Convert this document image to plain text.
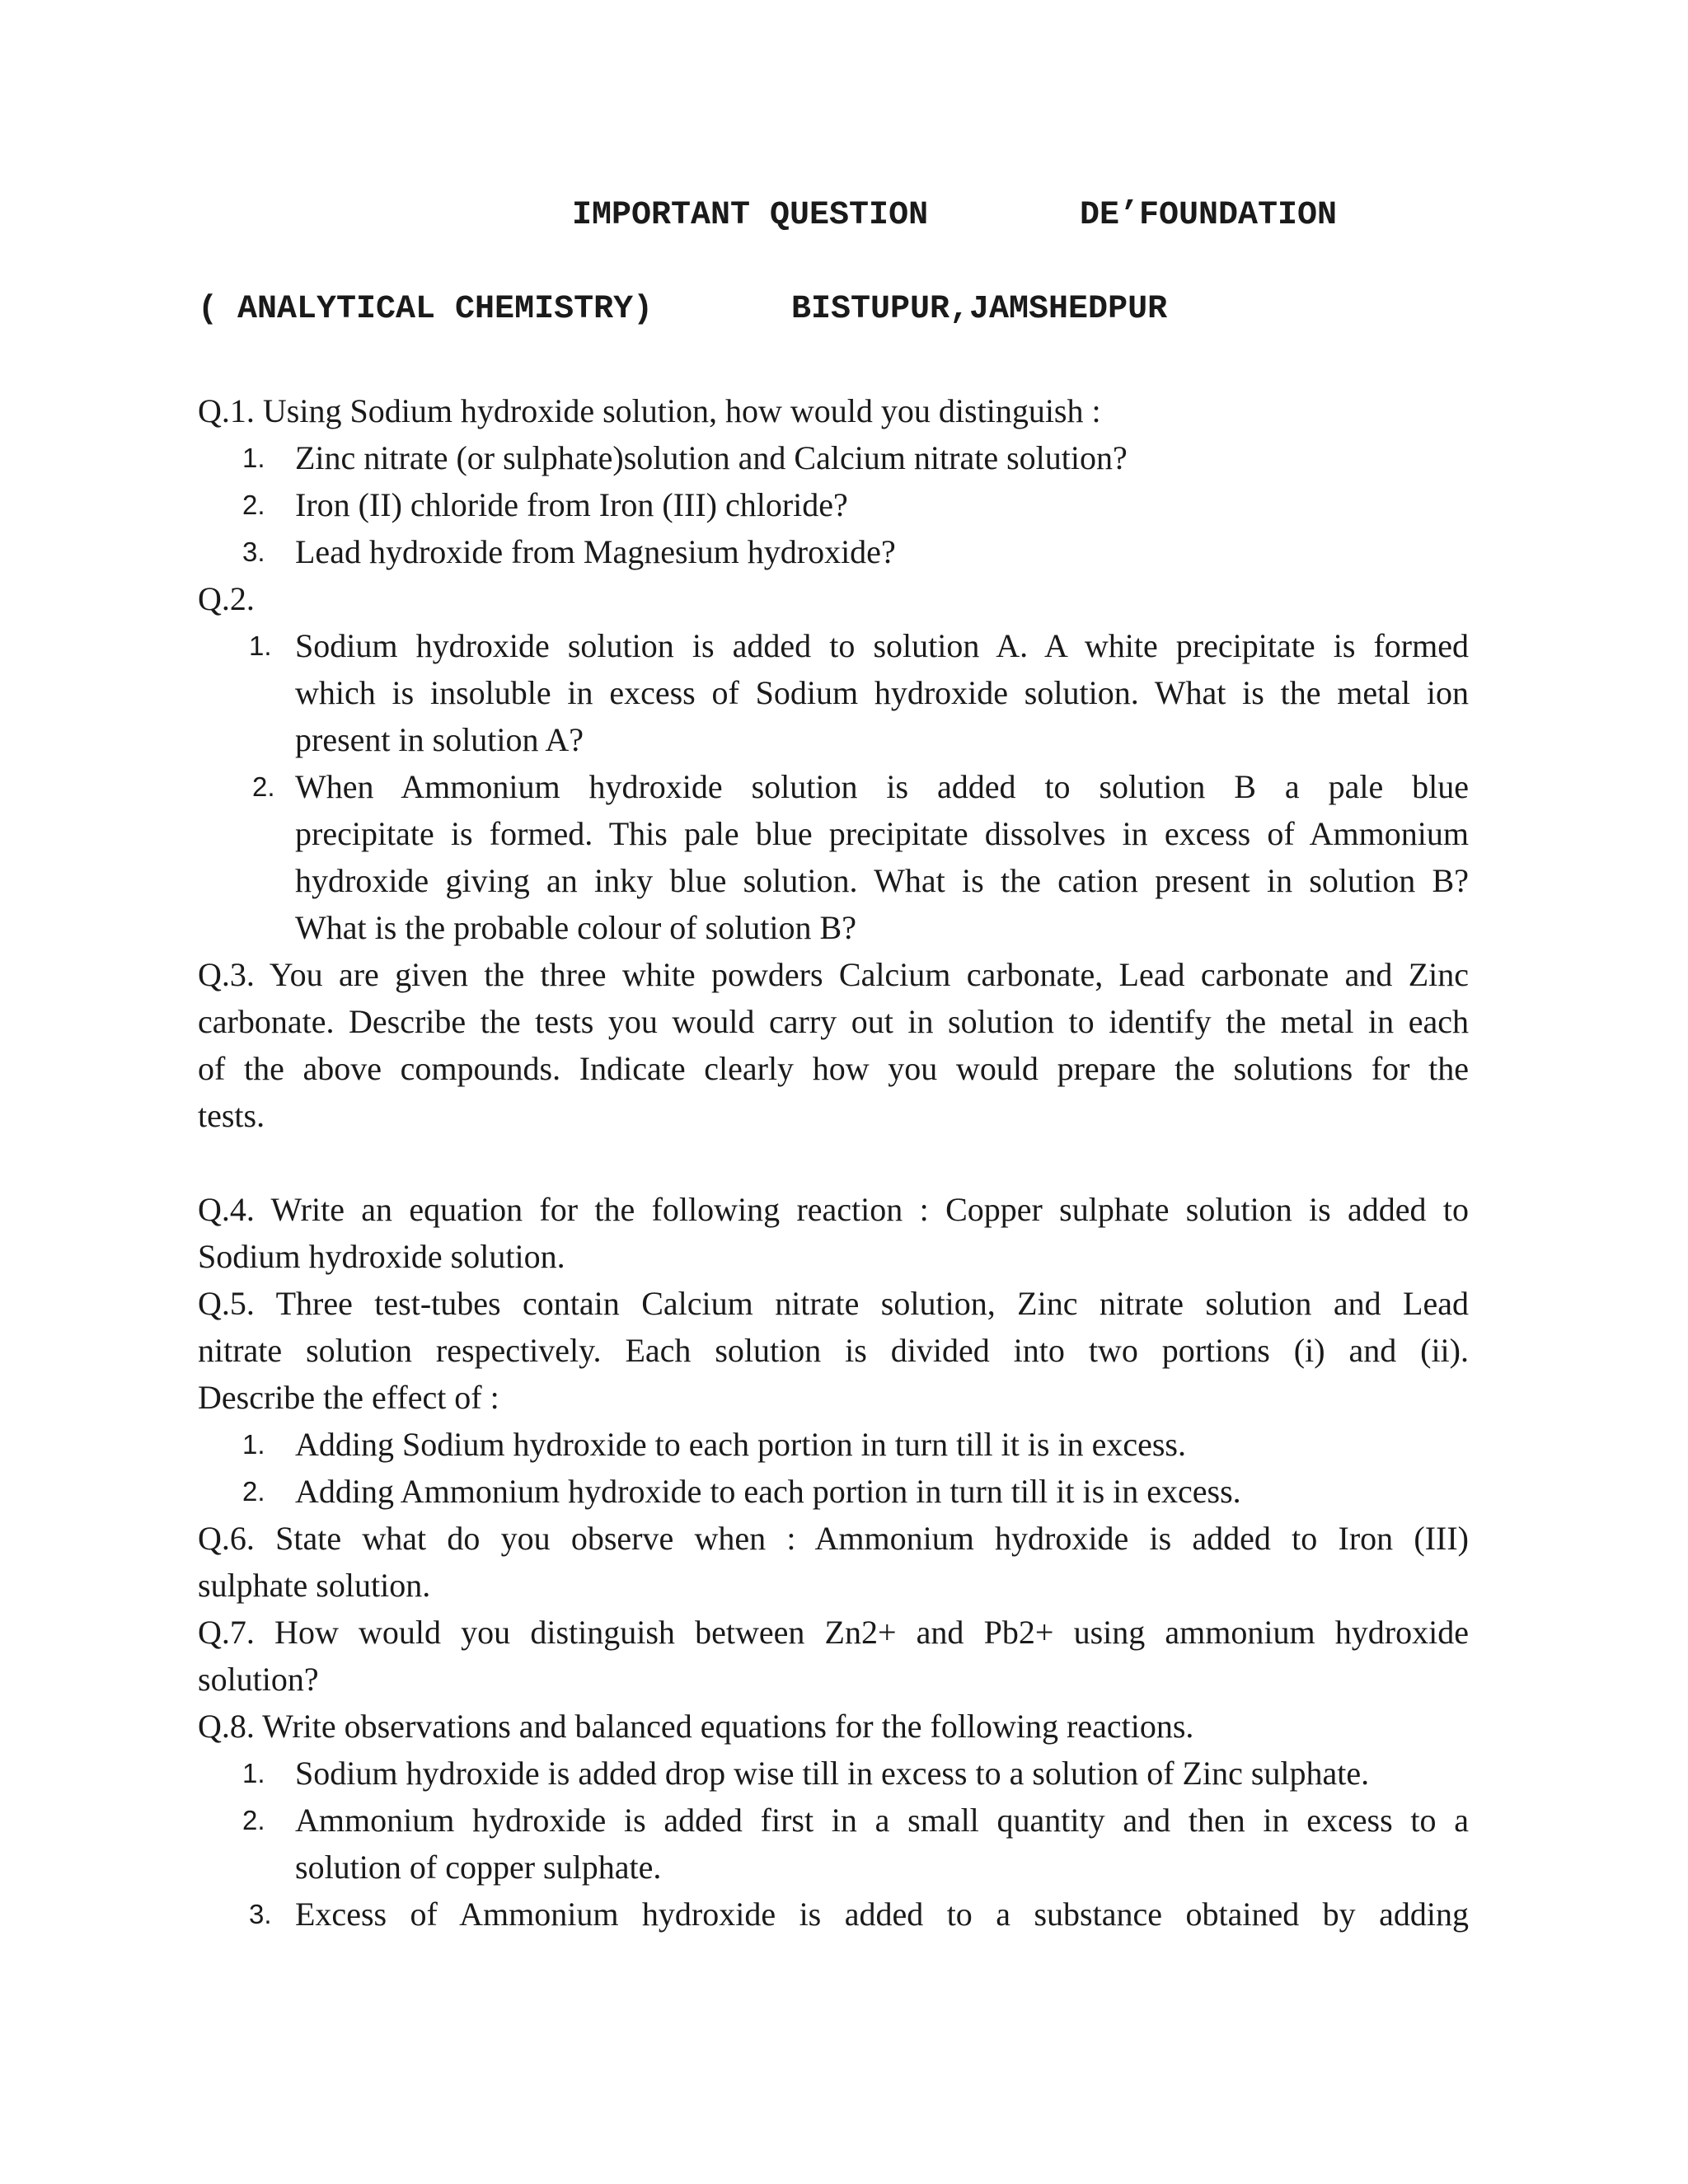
IMPORTANT QUESTION	DE’FOUNDATION
( ANALYTICAL CHEMISTRY)	BISTUPUR,JAMSHEDPUR
Q.1. Using Sodium hydroxide solution, how would you distinguish :
1. Zinc nitrate (or sulphate)solution and Calcium nitrate solution?
2. Iron (II) chloride from Iron (III) chloride?
3. Lead hydroxide from Magnesium hydroxide?
Q.2.
1. Sodium hydroxide solution is added to solution A. A white precipitate is formed
which is insoluble in excess of Sodium hydroxide solution. What is the metal ion
present in solution A?
2. When Ammonium hydroxide solution is added to solution B a pale blue
precipitate is formed. This pale blue precipitate dissolves in excess of Ammonium
hydroxide giving an inky blue solution. What is the cation present in solution B?
What is the probable colour of solution B?
Q.3. You are given the three white powders Calcium carbonate, Lead carbonate and Zinc
carbonate. Describe the tests you would carry out in solution to identify the metal in each
of the above compounds. Indicate clearly how you would prepare the solutions for the
tests.
Q.4. Write an equation for the following reaction : Copper sulphate solution is added to
Sodium hydroxide solution.
Q.5. Three test-tubes contain Calcium nitrate solution, Zinc nitrate solution and Lead
nitrate solution respectively. Each solution is divided into two portions (i) and (ii).
Describe the effect of :
1. Adding Sodium hydroxide to each portion in turn till it is in excess.
2. Adding Ammonium hydroxide to each portion in turn till it is in excess.
Q.6. State what do you observe when : Ammonium hydroxide is added to Iron (III)
sulphate solution.
Q.7. How would you distinguish between Zn2+ and Pb2+ using ammonium hydroxide
solution?
Q.8. Write observations and balanced equations for the following reactions.
1. Sodium hydroxide is added drop wise till in excess to a solution of Zinc sulphate.
2. Ammonium hydroxide is added first in a small quantity and then in excess to a
solution of copper sulphate.
3. Excess of Ammonium hydroxide is added to a substance obtained by adding
